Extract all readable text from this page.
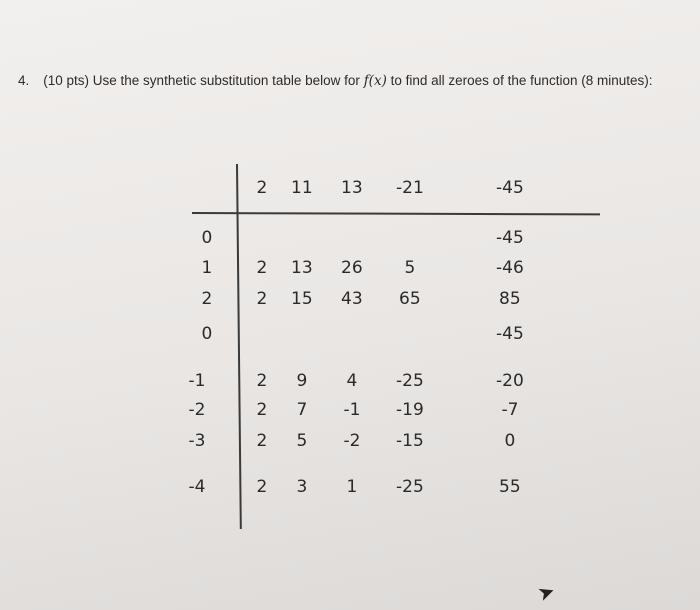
4. (10 pts) Use the synthetic substitution table below for f(x) to find all zeroes of the function (8 minutes):
2 11 13 -21	-45
0	-45
1	2 13 26 5	-46
2	2 15 43 65	85
0	-45
-1	2 9 4 -25	-20
-2	2 7 -1 -19	-7
-3	2 5 -2 -15	0
-4	2 3 1 -25	55
➤
